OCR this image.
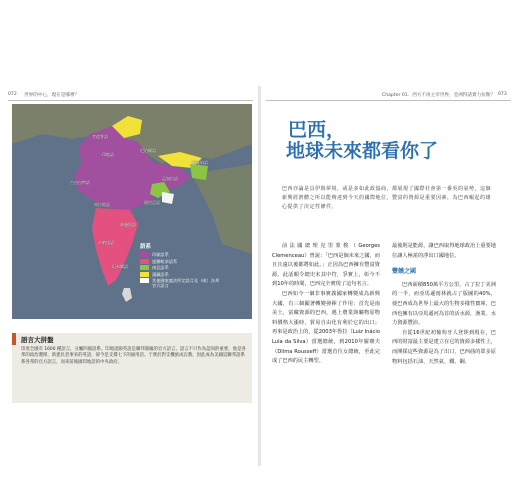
072 世界的中心，現在是哪裡？
古吉拉特語
印地語
孟加拉語
尼泊爾語
馬拉地語
泰盧固語
坦米爾語
卡納達語
奧里亞語
旁遮普語
阿薩姆語
語系
印歐語系
達羅毗荼語系
南亞語系
漢藏語系
其他國家憲法所定語言及（或）各邦官方語言
語言大拼盤
印度全國有 1600 種語言，分屬四個語系。印地語跟英語是聯邦層級的官方語言，語言不只作為認同的重要，他是各邦的政治選擇，新憲民者事來的英語，卻今是支撐七下的通用語。于實於對支機族成官教，因此成為美國這聯邦語系系各邦的官方語言，而來前後國印地語的中央政府。
Chapter 01．西方不再主宰世界，亞洲得諸實力抗衡？ 073
巴西，
地球未來都看你了
巴西亦論是具伊與夢境，或是多如此政協商，都展現了國際社會第一番吳的氣勢，這個新興經濟體之所以能夠達到今天的國際地位，豐富的資源是重要因素，為巴西崛起的雄心提供了決定性條件。

前法國總理克里蒙梭（Georges Clemenceau）曾說：「巴西是個未來之國，而且且遠以後都將如此。」正因為巴西擁有豐富資源，此話頗令總史末其中符，爭實上，彰今不到10年的時間，巴西完全實現了這句名言。

巴西如今一個非事實義國家轉變成為新興大國，有三個顯著轉變發揮了作用：首先是南美土，富藏資源的巴西，遇上農業與礦物原物料價格大漲時，貿易自由化有利於它的出口；再來是政治上的，從2003年魯拉（Luiz Inácio Lula da Silva）當選總統，到2010年羅賽夫（Dilma Rousseff）當選首位女總統，至此完成了巴西的民主轉型。

最後則是能源，讓巴西取得地球政治上重要地位讓人極羨的淨出口國地位。

豐饒之國

巴西面積850萬平方公里，占了拉丁美洲的一半，而亞馬遜雨林就占了版圖的40%，使巴西成為世界上最大的生物多樣性寶庫，巴西也擁有以亞馬遜河為首的活水源，漁業、水力資源豐沛。

自從16世紀初葡萄牙人登陸到現在，巴西的財富最主要是建立在它的資源多樣性上，而開採這些資源是為了出口，巴西曲的眾多原物料包括石油、天然氣、鐵、鋼、
